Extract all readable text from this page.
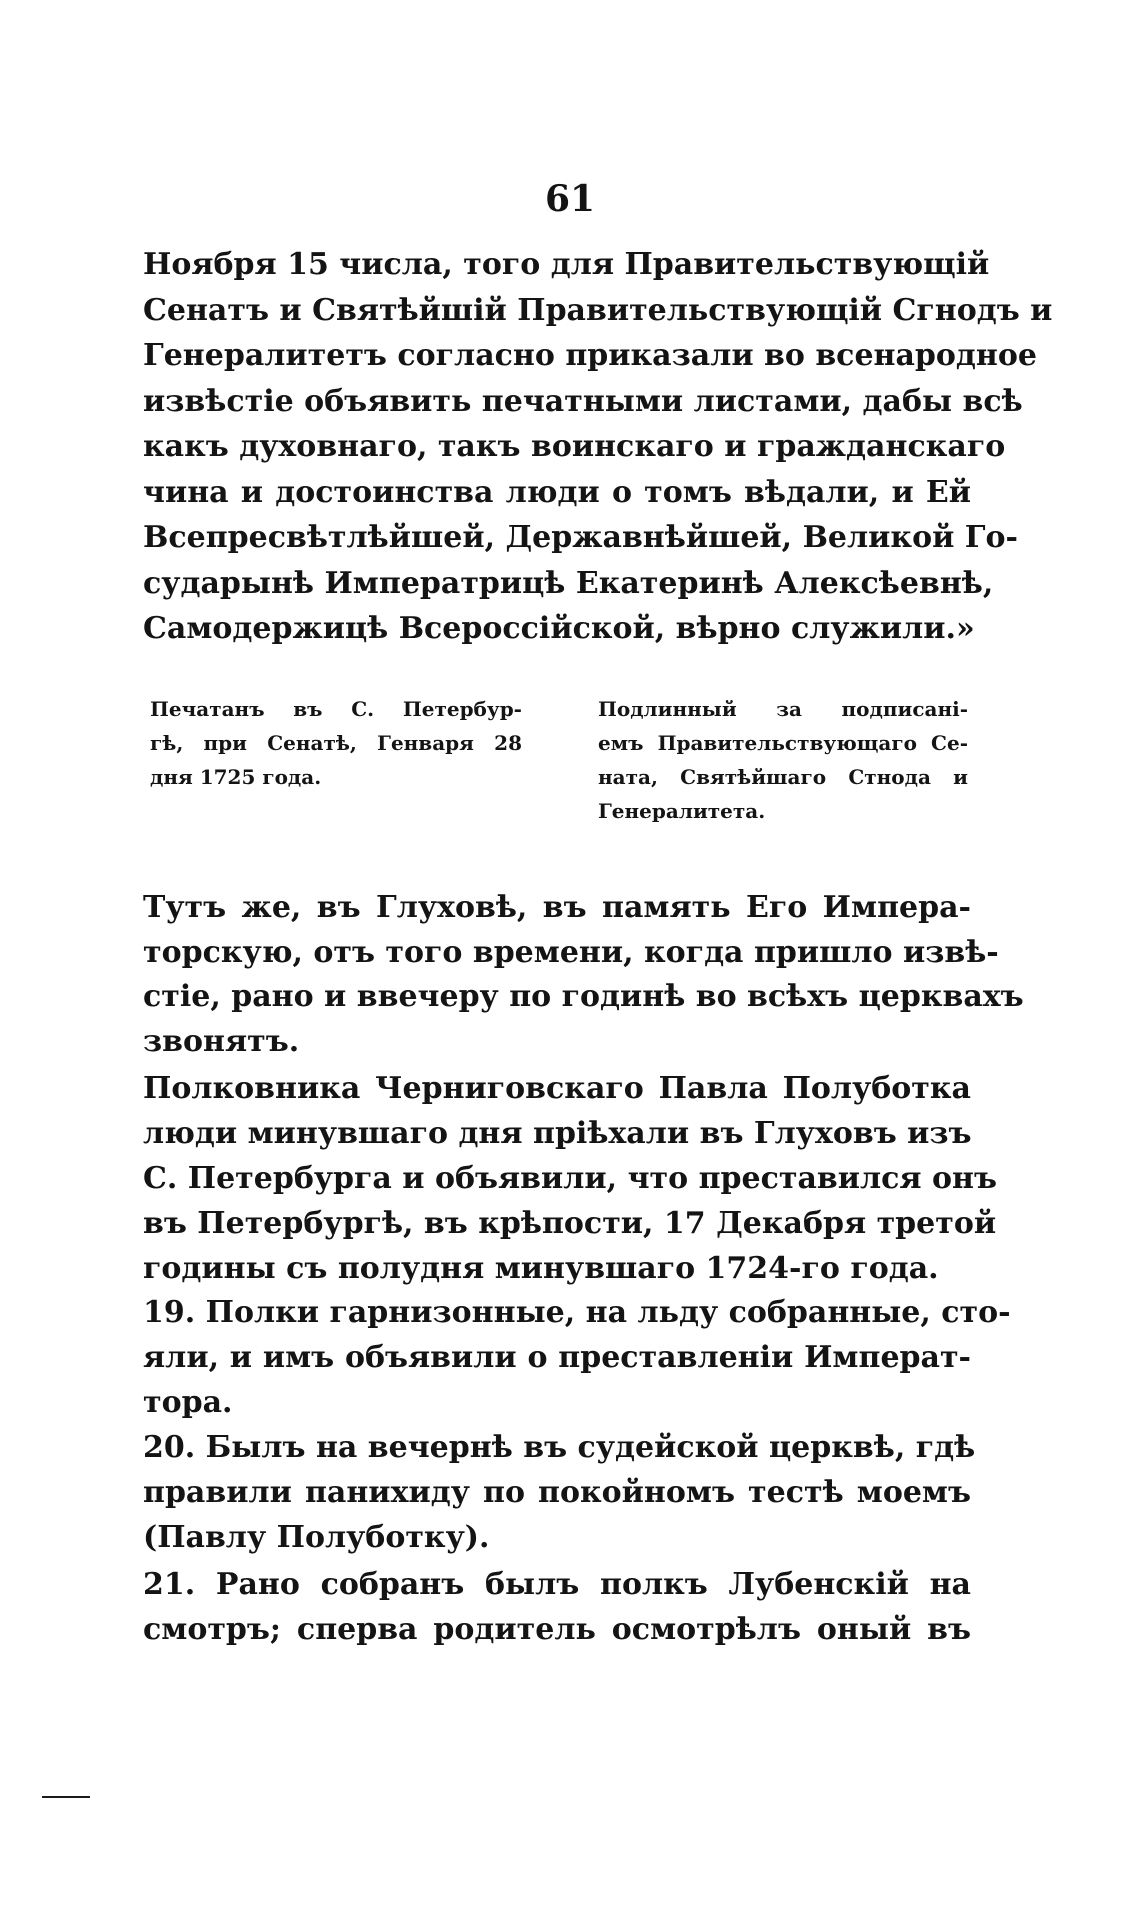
61
Ноября 15 числа, того для Правительствующій
Сенатъ и Святѣйшій Правительствующій Сгнодъ и
Генералитетъ согласно приказали во всенародное
извѣстіе объявить печатными листами, дабы всѣ
какъ духовнаго, такъ воинскаго и гражданскаго
чина и достоинства люди о томъ вѣдали, и Ей
Всепресвѣтлѣйшей, Державнѣйшей, Великой Го-
сударынѣ Императрицѣ Екатеринѣ Алексѣевнѣ,
Самодержицѣ Всероссійской, вѣрно служили.»
Печатанъ въ С. Петербур-
гѣ, при Сенатѣ, Генваря 28
дня 1725 года.
Подлинный за подписані-
емъ Правительствующаго Се-
ната, Святѣйшаго Стнода и
Генералитета.
Тутъ же, въ Глуховѣ, въ память Его Импера-
торскую, отъ того времени, когда пришло извѣ-
стіе, рано и ввечеру по годинѣ во всѣхъ церквахъ
звонятъ.
Полковника Черниговскаго Павла Полуботка
люди минувшаго дня пріѣхали въ Глуховъ изъ
С. Петербурга и объявили, что преставился онъ
въ Петербургѣ, въ крѣпости, 17 Декабря третой
годины съ полудня минувшаго 1724-го года.
19. Полки гарнизонные, на льду собранные, сто-
яли, и имъ объявили о преставленіи Императ-
тора.
20. Былъ на вечернѣ въ судейской церквѣ, гдѣ
правили панихиду по покойномъ тестѣ моемъ
(Павлу Полуботку).
21. Рано собранъ былъ полкъ Лубенскій на
смотръ; сперва родитель осмотрѣлъ оный въ
